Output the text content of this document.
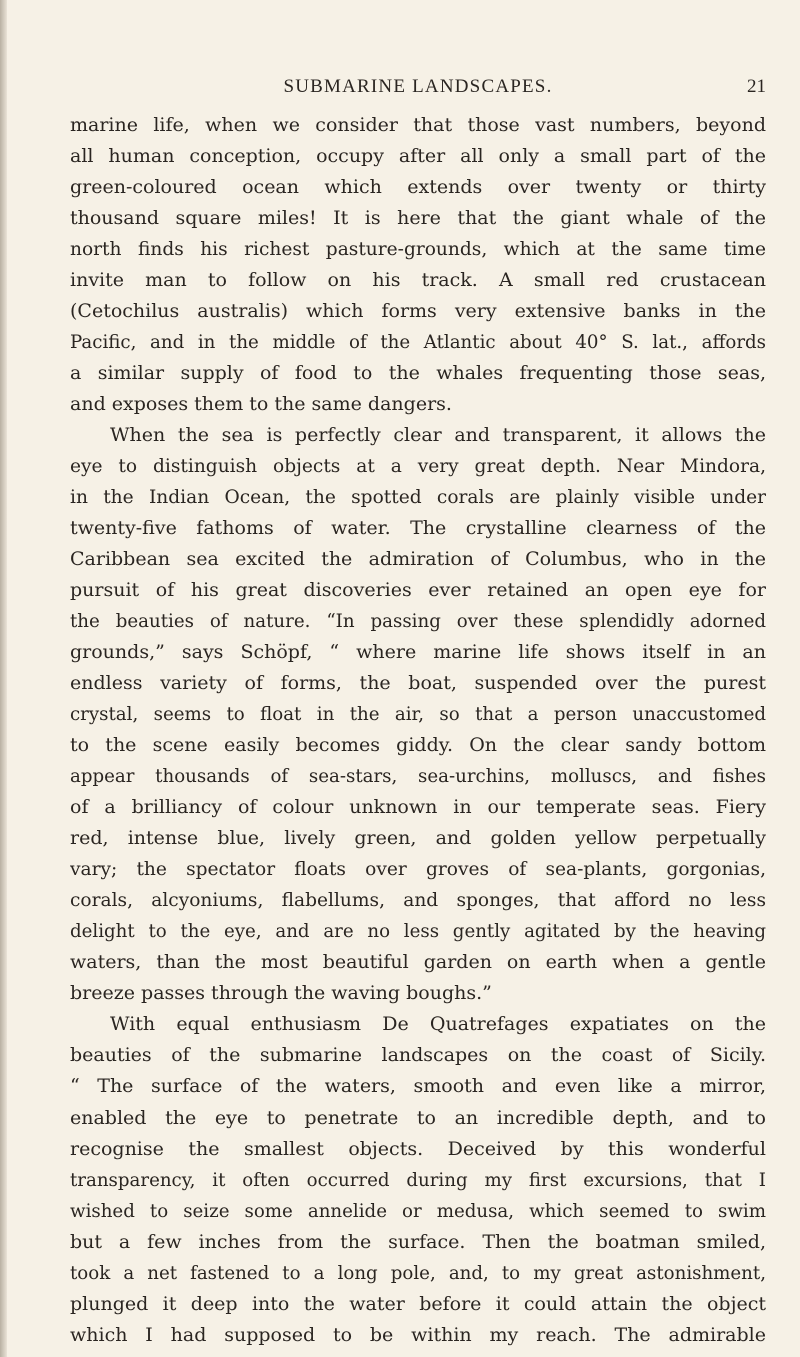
SUBMARINE LANDSCAPES.	21
marine life, when we consider that those vast numbers, beyond
all human conception, occupy after all only a small part of the
green-coloured ocean which extends over twenty or thirty
thousand square miles! It is here that the giant whale of the
north finds his richest pasture-grounds, which at the same time
invite man to follow on his track. A small red crustacean
(Cetochilus australis) which forms very extensive banks in the
Pacific, and in the middle of the Atlantic about 40° S. lat., affords
a similar supply of food to the whales frequenting those seas,
and exposes them to the same dangers.
When the sea is perfectly clear and transparent, it allows the
eye to distinguish objects at a very great depth. Near Mindora,
in the Indian Ocean, the spotted corals are plainly visible under
twenty-five fathoms of water. The crystalline clearness of the
Caribbean sea excited the admiration of Columbus, who in the
pursuit of his great discoveries ever retained an open eye for
the beauties of nature. “In passing over these splendidly adorned
grounds,” says Schöpf, “ where marine life shows itself in an
endless variety of forms, the boat, suspended over the purest
crystal, seems to float in the air, so that a person unaccustomed
to the scene easily becomes giddy. On the clear sandy bottom
appear thousands of sea-stars, sea-urchins, molluscs, and fishes
of a brilliancy of colour unknown in our temperate seas. Fiery
red, intense blue, lively green, and golden yellow perpetually
vary; the spectator floats over groves of sea-plants, gorgonias,
corals, alcyoniums, flabellums, and sponges, that afford no less
delight to the eye, and are no less gently agitated by the heaving
waters, than the most beautiful garden on earth when a gentle
breeze passes through the waving boughs.”
With equal enthusiasm De Quatrefages expatiates on the
beauties of the submarine landscapes on the coast of Sicily.
“ The surface of the waters, smooth and even like a mirror,
enabled the eye to penetrate to an incredible depth, and to
recognise the smallest objects. Deceived by this wonderful
transparency, it often occurred during my first excursions, that I
wished to seize some annelide or medusa, which seemed to swim
but a few inches from the surface. Then the boatman smiled,
took a net fastened to a long pole, and, to my great astonishment,
plunged it deep into the water before it could attain the object
which I had supposed to be within my reach. The admirable
